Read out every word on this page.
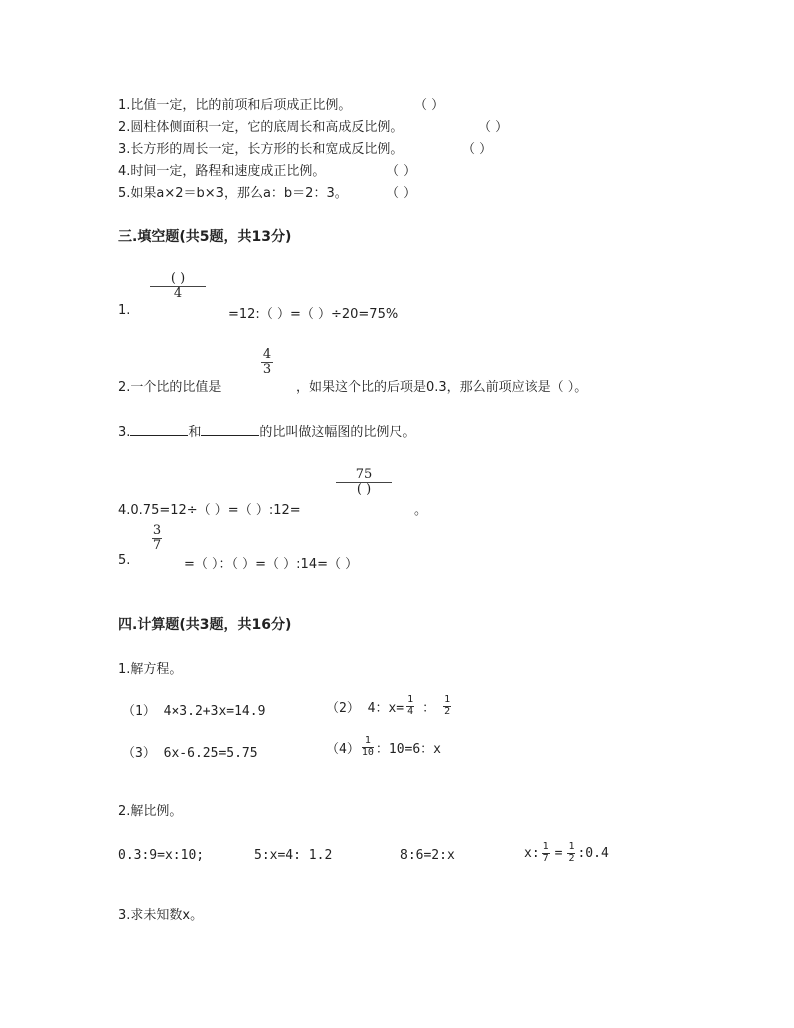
1.比值一定，比的前项和后项成正比例。	（ ）
2.圆柱体侧面积一定，它的底周长和高成反比例。	（ ）
3.长方形的周长一定，长方形的长和宽成反比例。	（ ）
4.时间一定，路程和速度成正比例。	（ ）
5.如果a×2＝b×3，那么a：b＝2：3。	（ ）
三.填空题(共5题，共13分)
1.
( )
4
=12:（ ）=（ ）÷20=75%
2.一个比的比值是
4
3
，如果这个比的后项是0.3，那么前项应该是（ ）。
3.	和	的比叫做这幅图的比例尺。
4.0.75=12÷（ ）=（ ）:12=
75
( )
。
5.
3
7
=（ ）：（ ）=（ ）:14=（ ）
四.计算题(共3题，共16分)
1.解方程。
（1） 4×3.2+3x=14.9	（2） 4：$x= \frac{1}{4}$ ： $\frac{1}{2}$
（3） 6x-6.25=5.75	$(4) \frac{1}{10}$ ：10=6：x
2.解比例。
0.3:9=x:10;	5:x=4: 1.2	8:6=2:x	x: $\frac{1}{7} = \frac{1}{2}$ :0.4
3.求未知数x。
